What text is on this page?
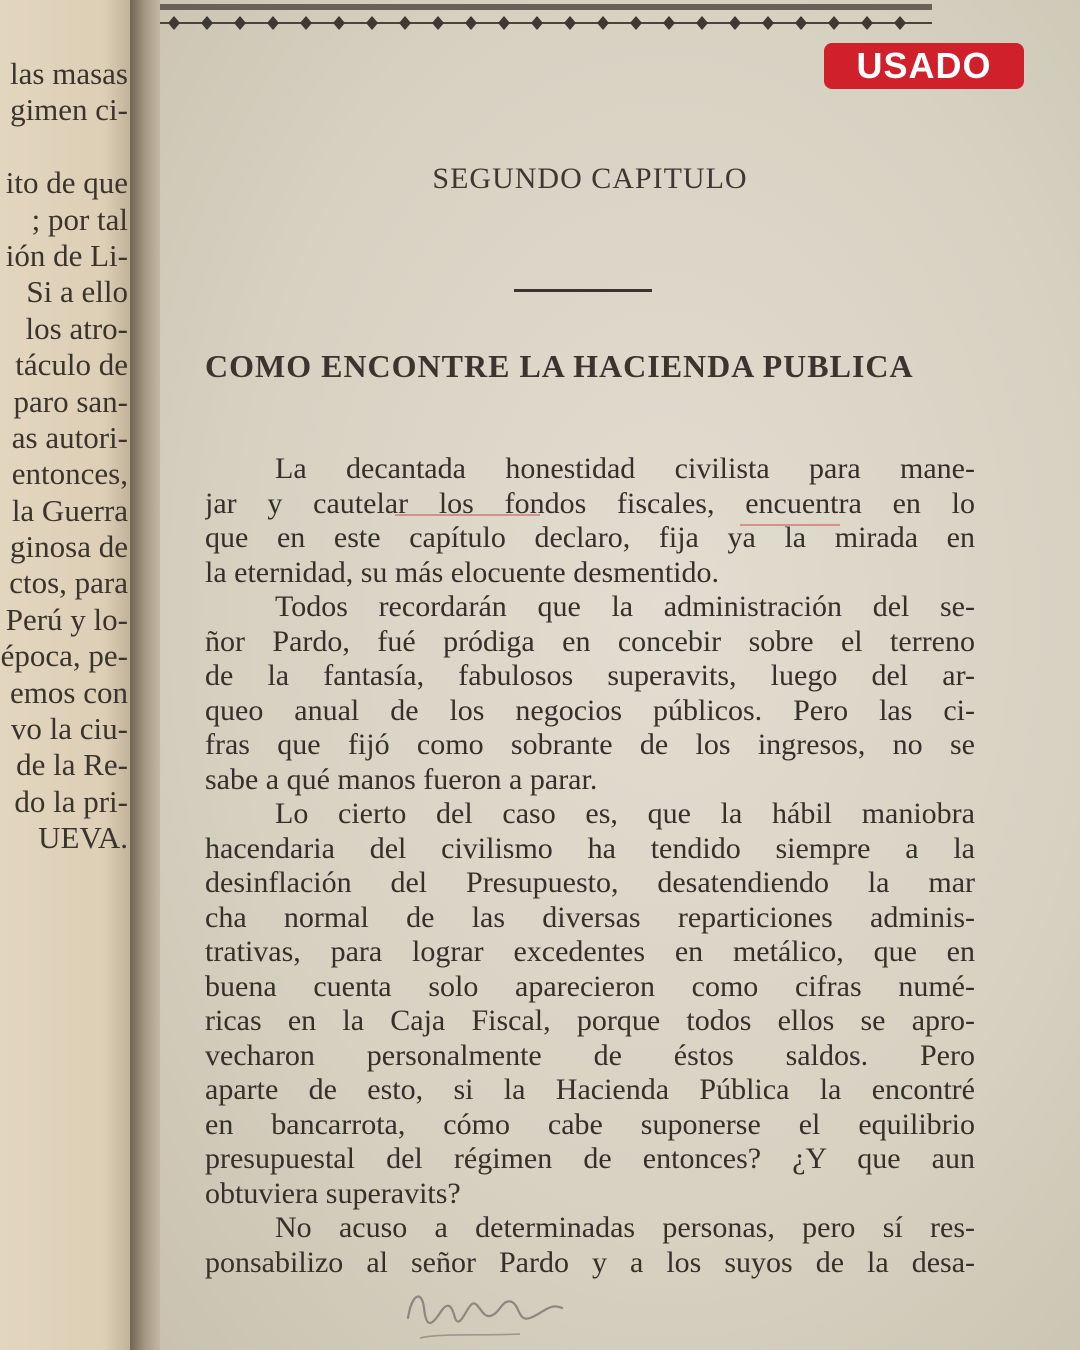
las masas
gimen ci-
ito de que
; por tal
ión de Li-
Si a ello
los atro-
táculo de
paro san-
as autori-
entonces,
la Guerra
ginosa de
ctos, para
Perú y lo-
época, pe-
emos con
vo la ciu-
de la Re-
do la pri-
UEVA.
USADO
SEGUNDO CAPITULO
COMO ENCONTRE LA HACIENDA PUBLICA
La decantada honestidad civilista para mane-
jar y cautelar los fondos fiscales, encuentra en lo
que en este capítulo declaro, fija ya la mirada en
la eternidad, su más elocuente desmentido.
Todos recordarán que la administración del se-
ñor Pardo, fué pródiga en concebir sobre el terreno
de la fantasía, fabulosos superavits, luego del ar-
queo anual de los negocios públicos. Pero las ci-
fras que fijó como sobrante de los ingresos, no se
sabe a qué manos fueron a parar.
Lo cierto del caso es, que la hábil maniobra
hacendaria del civilismo ha tendido siempre a la
desinflación del Presupuesto, desatendiendo la mar
cha normal de las diversas reparticiones adminis-
trativas, para lograr excedentes en metálico, que en
buena cuenta solo aparecieron como cifras numé-
ricas en la Caja Fiscal, porque todos ellos se apro-
vecharon personalmente de éstos saldos. Pero
aparte de esto, si la Hacienda Pública la encontré
en bancarrota, cómo cabe suponerse el equilibrio
presupuestal del régimen de entonces? ¿Y que aun
obtuviera superavits?
No acuso a determinadas personas, pero sí res-
ponsabilizo al señor Pardo y a los suyos de la desa-
